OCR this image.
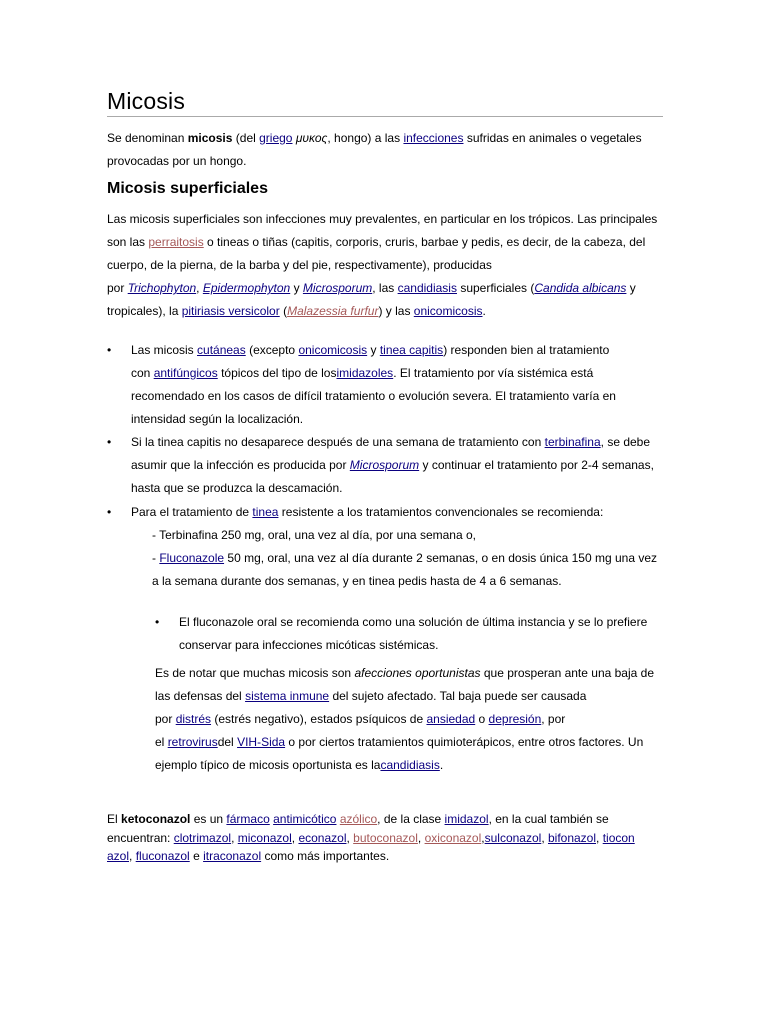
Micosis
Se denominan micosis (del griego μυκος, hongo) a las infecciones sufridas en animales o vegetales
provocadas por un hongo.
Micosis superficiales
Las micosis superficiales son infecciones muy prevalentes, en particular en los trópicos. Las principales
son las perraitosis o tineas o tiñas (capitis, corporis, cruris, barbae y pedis, es decir, de la cabeza, del
cuerpo, de la pierna, de la barba y del pie, respectivamente), producidas
por Trichophyton, Epidermophyton y Microsporum, las candidiasis superficiales (Candida albicans y
tropicales), la pitiriasis versicolor (Malazessia furfur) y las onicomicosis.
• Las micosis cutáneas (excepto onicomicosis y tinea capitis) responden bien al tratamiento
con antifúngicos tópicos del tipo de losimidazoles. El tratamiento por vía sistémica está
recomendado en los casos de difícil tratamiento o evolución severa. El tratamiento varía en
intensidad según la localización.
• Si la tinea capitis no desaparece después de una semana de tratamiento con terbinafina, se debe
asumir que la infección es producida por Microsporum y continuar el tratamiento por 2-4 semanas,
hasta que se produzca la descamación.
• Para el tratamiento de tinea resistente a los tratamientos convencionales se recomienda:
- Terbinafina 250 mg, oral, una vez al día, por una semana o,
- Fluconazole 50 mg, oral, una vez al día durante 2 semanas, o en dosis única 150 mg una vez
a la semana durante dos semanas, y en tinea pedis hasta de 4 a 6 semanas.
• El fluconazole oral se recomienda como una solución de última instancia y se lo prefiere
conservar para infecciones micóticas sistémicas.
Es de notar que muchas micosis son afecciones oportunistas que prosperan ante una baja de
las defensas del sistema inmune del sujeto afectado. Tal baja puede ser causada
por distrés (estrés negativo), estados psíquicos de ansiedad o depresión, por
el retrovirusdel VIH-Sida o por ciertos tratamientos quimioterápicos, entre otros factores. Un
ejemplo típico de micosis oportunista es lacandidiasis.
El ketoconazol es un fármaco antimicótico azólico, de la clase imidazol, en la cual también se
encuentran: clotrimazol, miconazol, econazol, butoconazol, oxiconazol,sulconazol, bifonazol, tiocon
azol, fluconazol e itraconazol como más importantes.
